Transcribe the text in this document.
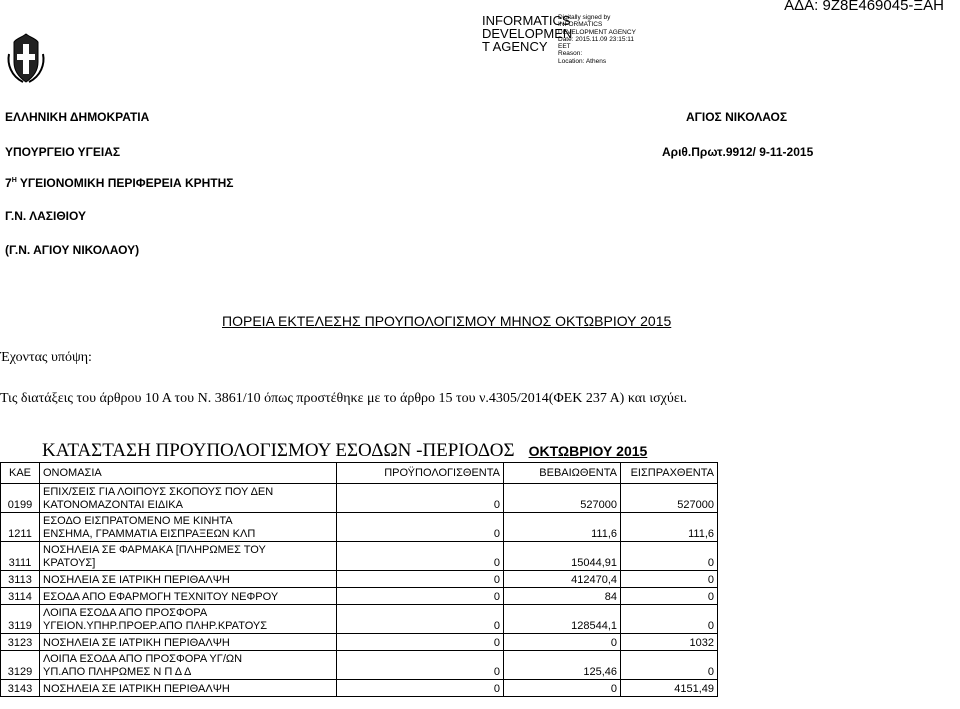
ΑΔΑ: 9Ζ8Ε469045-ΞΑΗ
INFORMATICS
DEVELOPMEN
T AGENCY
Digitally signed by
INFORMATICS
DEVELOPMENT AGENCY
Date: 2015.11.09 23:15:11
EET
Reason:
Location: Athens
ΕΛΛΗΝΙΚΗ ΔΗΜΟΚΡΑΤΙΑ	ΑΓΙΟΣ ΝΙΚΟΛΑΟΣ
ΥΠΟΥΡΓΕΙΟ ΥΓΕΙΑΣ	Αριθ.Πρωτ.9912/ 9-11-2015
$7^H$ ΥΓΕΙΟΝΟΜΙΚΗ ΠΕΡΙΦΕΡΕΙΑ ΚΡΗΤΗΣ
Γ.Ν. ΛΑΣΙΘΙΟΥ
(Γ.Ν. ΑΓΙΟΥ ΝΙΚΟΛΑΟΥ)
ΠΟΡΕΙΑ ΕΚΤΕΛΕΣΗΣ ΠΡΟΥΠΟΛΟΓΙΣΜΟΥ ΜΗΝΟΣ ΟΚΤΩΒΡΙΟΥ 2015
Έχοντας υπόψη:
Τις διατάξεις του άρθρου 10 Α του Ν. 3861/10 όπως προστέθηκε με το άρθρο 15 του ν.4305/2014(ΦΕΚ 237 Α) και ισχύει.
ΚΑΤΑΣΤΑΣΗ ΠΡΟΥΠΟΛΟΓΙΣΜΟΥ ΕΣΟΔΩΝ -ΠΕΡΙΟΔΟΣ ΟΚΤΩΒΡΙΟΥ 2015
ΚΑΕ	ΟΝΟΜΑΣΙΑ	ΠΡΟΫΠΟΛΟΓΙΣΘΕΝΤΑ	ΒΕΒΑΙΩΘΕΝΤΑ	ΕΙΣΠΡΑΧΘΕΝΤΑ
0199	ΕΠΙΧ/ΣΕΙΣ ΓΙΑ ΛΟΙΠΟΥΣ ΣΚΟΠΟΥΣ ΠΟΥ ΔΕΝ
ΚΑΤΟΝΟΜΑΖΟΝΤΑΙ ΕΙΔΙΚΑ	0	527000	527000
1211	ΕΣΟΔΟ ΕΙΣΠΡΑΤΟΜΕΝΟ ΜΕ ΚΙΝΗΤΑ
ΕΝΣΗΜΑ, ΓΡΑΜΜΑΤΙΑ ΕΙΣΠΡΑΞΕΩΝ ΚΛΠ	0	111,6	111,6
3111	ΝΟΣΗΛΕΙΑ ΣΕ ΦΑΡΜΑΚΑ [ΠΛΗΡΩΜΕΣ ΤΟΥ
ΚΡΑΤΟΥΣ]	0	15044,91	0
3113	ΝΟΣΗΛΕΙΑ ΣΕ ΙΑΤΡΙΚΗ ΠΕΡΙΘΑΛΨΗ	0	412470,4	0
3114	ΕΣΟΔΑ ΑΠΟ ΕΦΑΡΜΟΓΗ ΤΕΧΝΙΤΟΥ ΝΕΦΡΟΥ	0	84	0
3119	ΛΟΙΠΑ ΕΣΟΔΑ ΑΠΟ ΠΡΟΣΦΟΡΑ
ΥΓΕΙΟΝ.ΥΠΗΡ.ΠΡΟΕΡ.ΑΠΟ ΠΛΗΡ.ΚΡΑΤΟΥΣ	0	128544,1	0
3123	ΝΟΣΗΛΕΙΑ ΣΕ ΙΑΤΡΙΚΗ ΠΕΡΙΘΑΛΨΗ	0	0	1032
3129	ΛΟΙΠΑ ΕΣΟΔΑ ΑΠΟ ΠΡΟΣΦΟΡΑ ΥΓ/ΩΝ
ΥΠ.ΑΠΟ ΠΛΗΡΩΜΕΣ Ν Π Δ Δ	0	125,46	0
3143	ΝΟΣΗΛΕΙΑ ΣΕ ΙΑΤΡΙΚΗ ΠΕΡΙΘΑΛΨΗ	0	0	4151,49
